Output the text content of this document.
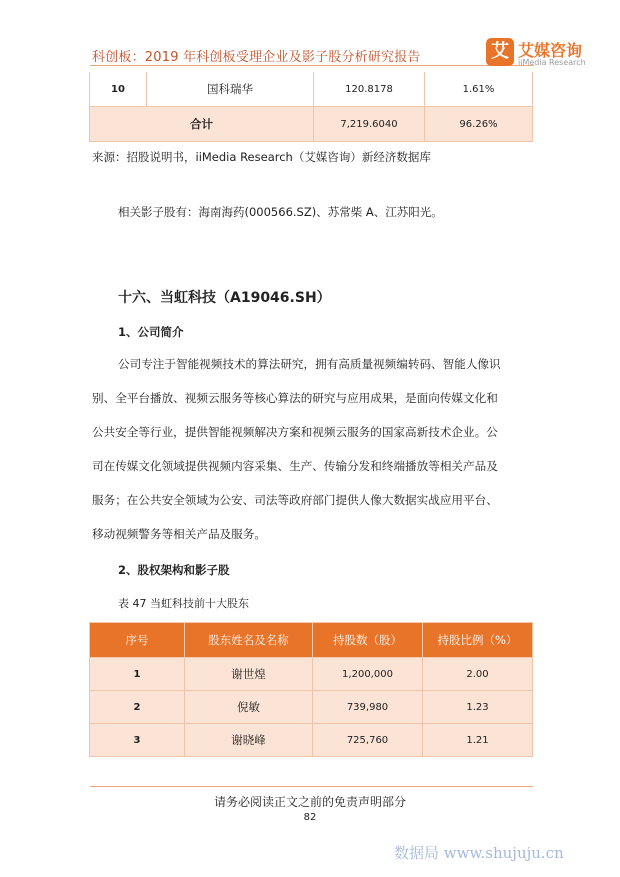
科创板：2019 年科创板受理企业及影子股分析研究报告	艾 艾媒咨询
iiMedia Research
10	国科瑞华	120.8178	1.61%
合计		7,219.6040	96.26%
来源：招股说明书，iiMedia Research（艾媒咨询）新经济数据库
相关影子股有：海南海药(000566.SZ)、苏常柴 A、江苏阳光。
十六、当虹科技（A19046.SH）
1、公司简介
公司专注于智能视频技术的算法研究，拥有高质量视频编转码、智能人像识
别、全平台播放、视频云服务等核心算法的研究与应用成果，是面向传媒文化和
公共安全等行业，提供智能视频解决方案和视频云服务的国家高新技术企业。公
司在传媒文化领域提供视频内容采集、生产、传输分发和终端播放等相关产品及
服务；在公共安全领域为公安、司法等政府部门提供人像大数据实战应用平台、
移动视频警务等相关产品及服务。
2、股权架构和影子股
表 47 当虹科技前十大股东
序号	股东姓名及名称	持股数（股）	持股比例（%）
1	谢世煌	1,200,000	2.00
2	倪敏	739,980	1.23
3	谢晓峰	725,760	1.21
请务必阅读正文之前的免责声明部分
82
数据局 www.shujuju.cn
